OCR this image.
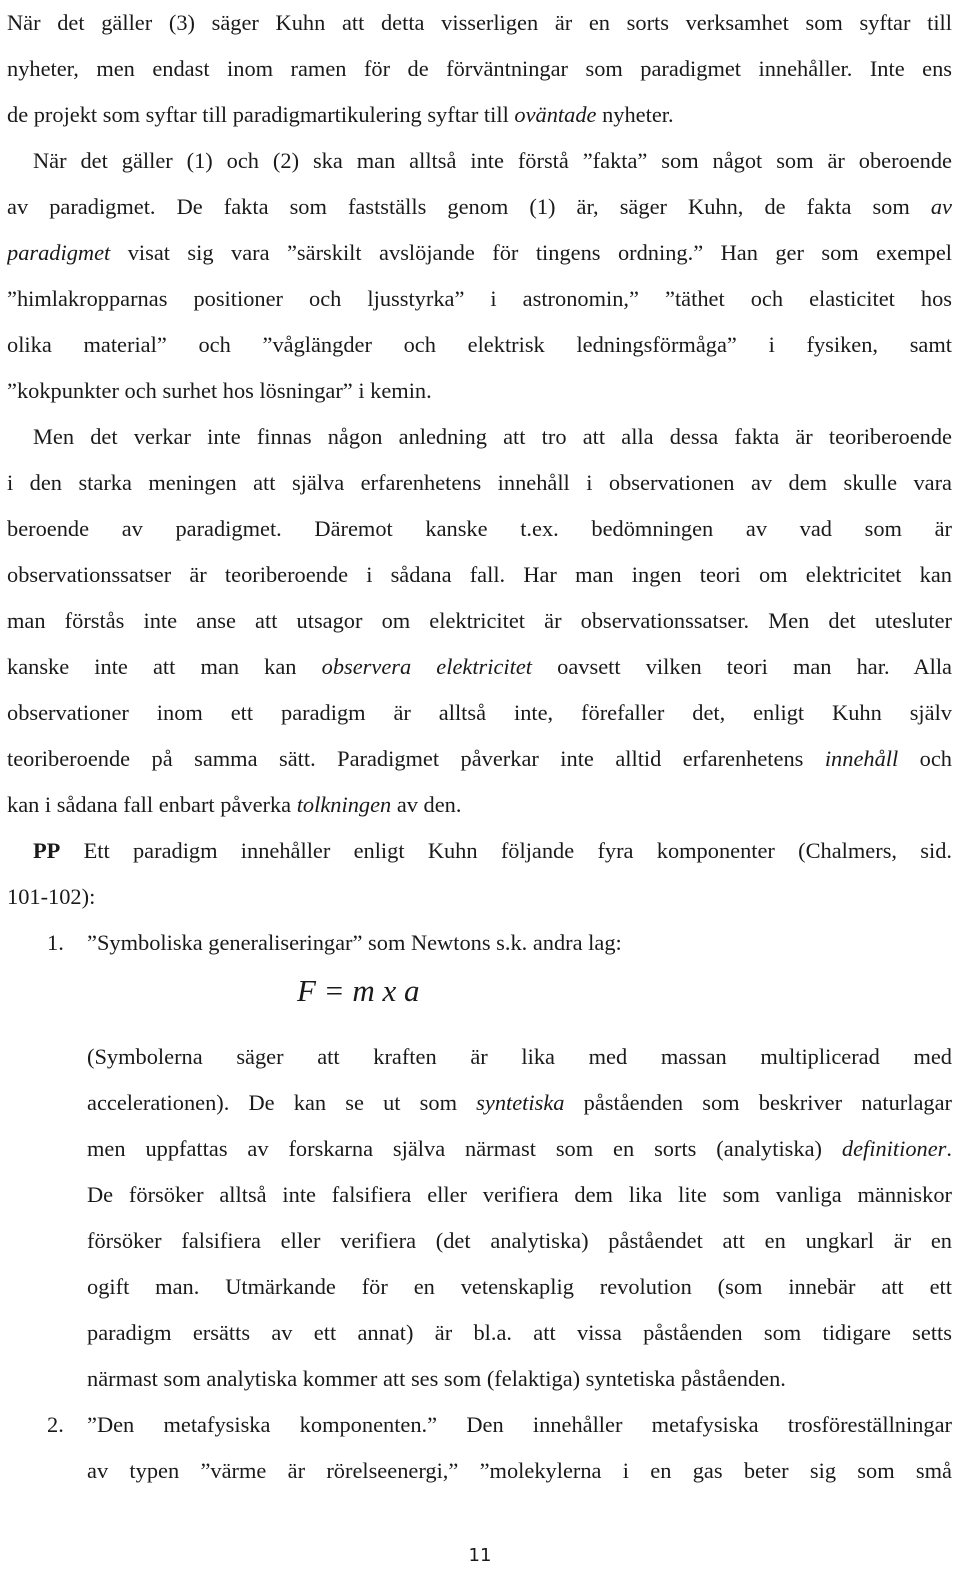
När det gäller (3) säger Kuhn att detta visserligen är en sorts verksamhet som syftar till
nyheter, men endast inom ramen för de förväntningar som paradigmet innehåller. Inte ens
de projekt som syftar till paradigmartikulering syftar till oväntade nyheter.
När det gäller (1) och (2) ska man alltså inte förstå ”fakta” som något som är oberoende
av paradigmet. De fakta som fastställs genom (1) är, säger Kuhn, de fakta som av
paradigmet visat sig vara ”särskilt avslöjande för tingens ordning.” Han ger som exempel
”himlakropparnas positioner och ljusstyrka” i astronomin,” ”täthet och elasticitet hos
olika material” och ”våglängder och elektrisk ledningsförmåga” i fysiken, samt
”kokpunkter och surhet hos lösningar” i kemin.
Men det verkar inte finnas någon anledning att tro att alla dessa fakta är teoriberoende
i den starka meningen att själva erfarenhetens innehåll i observationen av dem skulle vara
beroende av paradigmet. Däremot kanske t.ex. bedömningen av vad som är
observationssatser är teoriberoende i sådana fall. Har man ingen teori om elektricitet kan
man förstås inte anse att utsagor om elektricitet är observationssatser. Men det utesluter
kanske inte att man kan observera elektricitet oavsett vilken teori man har. Alla
observationer inom ett paradigm är alltså inte, förefaller det, enligt Kuhn själv
teoriberoende på samma sätt. Paradigmet påverkar inte alltid erfarenhetens innehåll och
kan i sådana fall enbart påverka tolkningen av den.
PP Ett paradigm innehåller enligt Kuhn följande fyra komponenter (Chalmers, sid.
101-102):
1. ”Symboliska generaliseringar” som Newtons s.k. andra lag:
F = m x a
(Symbolerna säger att kraften är lika med massan multiplicerad med
accelerationen). De kan se ut som syntetiska påståenden som beskriver naturlagar
men uppfattas av forskarna själva närmast som en sorts (analytiska) definitioner.
De försöker alltså inte falsifiera eller verifiera dem lika lite som vanliga människor
försöker falsifiera eller verifiera (det analytiska) påståendet att en ungkarl är en
ogift man. Utmärkande för en vetenskaplig revolution (som innebär att ett
paradigm ersätts av ett annat) är bl.a. att vissa påståenden som tidigare setts
närmast som analytiska kommer att ses som (felaktiga) syntetiska påståenden.
2. ”Den metafysiska komponenten.” Den innehåller metafysiska trosföreställningar
av typen ”värme är rörelseenergi,” ”molekylerna i en gas beter sig som små
11
